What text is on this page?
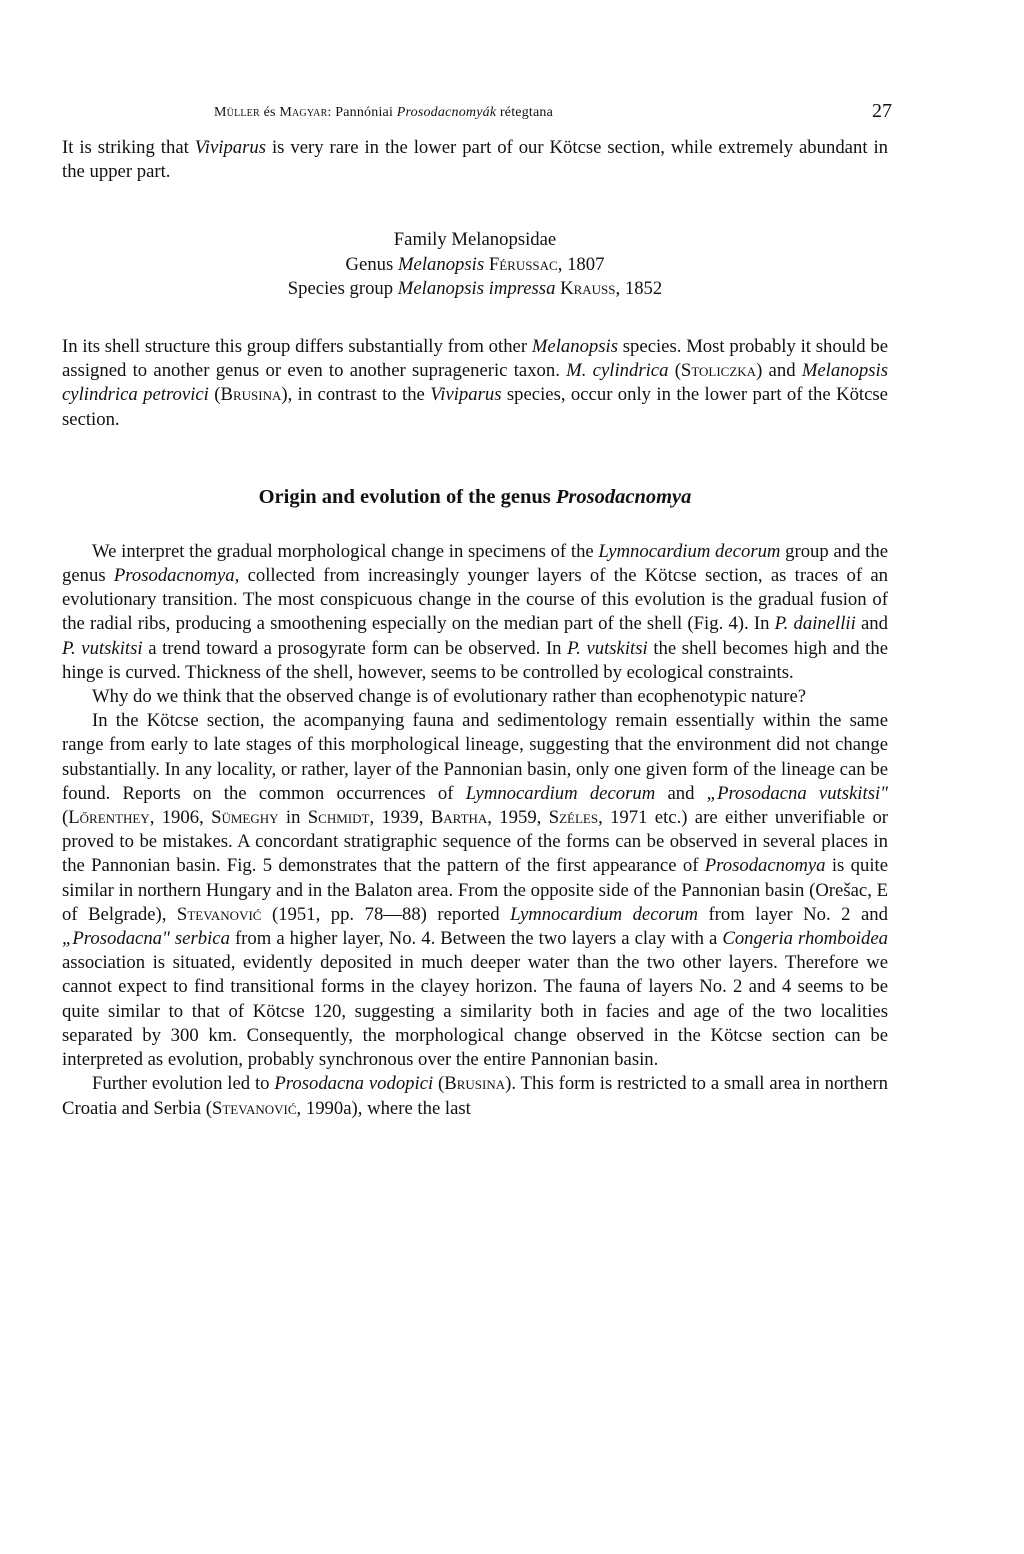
Müller és Magyar: Pannóniai Prosodacnomyák rétegtana	27

It is striking that Viviparus is very rare in the lower part of our Kötcse section, while extremely abundant in the upper part.

Family Melanopsidae
Genus Melanopsis Férussac, 1807
Species group Melanopsis impressa Krauss, 1852

In its shell structure this group differs substantially from other Melanopsis species. Most probably it should be assigned to another genus or even to another suprageneric taxon. M. cylindrica (Stoliczka) and Melanopsis cylindrica petrovici (Brusina), in contrast to the Viviparus species, occur only in the lower part of the Kötcse section.

Origin and evolution of the genus Prosodacnomya

We interpret the gradual morphological change in specimens of the Lymnocardium decorum group and the genus Prosodacnomya, collected from increasingly younger layers of the Kötcse section, as traces of an evolutionary transition. The most conspicuous change in the course of this evolution is the gradual fusion of the radial ribs, producing a smoothening especially on the median part of the shell (Fig. 4). In P. dainellii and P. vutskitsi a trend toward a prosogyrate form can be observed. In P. vutskitsi the shell becomes high and the hinge is curved. Thickness of the shell, however, seems to be controlled by ecological constraints.

Why do we think that the observed change is of evolutionary rather than ecophenotypic nature?

In the Kötcse section, the acompanying fauna and sedimentology remain essentially within the same range from early to late stages of this morphological lineage, suggesting that the environment did not change substantially. In any locality, or rather, layer of the Pannonian basin, only one given form of the lineage can be found. Reports on the common occurrences of Lymnocardium decorum and „Prosodacna vutskitsi" (Lőrenthey, 1906, Sümeghy in Schmidt, 1939, Bartha, 1959, Széles, 1971 etc.) are either unverifiable or proved to be mistakes. A concordant stratigraphic sequence of the forms can be observed in several places in the Pannonian basin. Fig. 5 demonstrates that the pattern of the first appearance of Prosodacnomya is quite similar in northern Hungary and in the Balaton area. From the opposite side of the Pannonian basin (Orešac, E of Belgrade), Stevanović (1951, pp. 78—88) reported Lymnocardium decorum from layer No. 2 and „Prosodacna" serbica from a higher layer, No. 4. Between the two layers a clay with a Congeria rhomboidea association is situated, evidently deposited in much deeper water than the two other layers. Therefore we cannot expect to find transitional forms in the clayey horizon. The fauna of layers No. 2 and 4 seems to be quite similar to that of Kötcse 120, suggesting a similarity both in facies and age of the two localities separated by 300 km. Consequently, the morphological change observed in the Kötcse section can be interpreted as evolution, probably synchronous over the entire Pannonian basin.

Further evolution led to Prosodacna vodopici (Brusina). This form is restricted to a small area in northern Croatia and Serbia (Stevanović, 1990a), where the last
